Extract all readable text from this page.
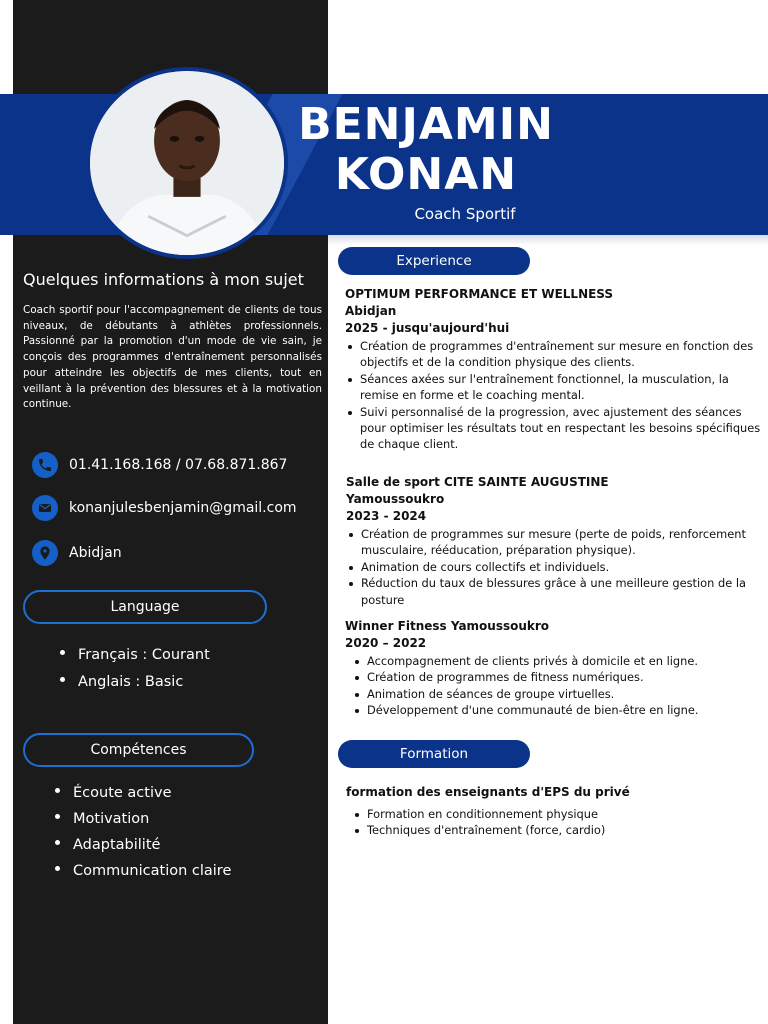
BENJAMIN
KONAN
Coach Sportif
Quelques informations à mon sujet
Coach sportif pour l'accompagnement de clients de tous niveaux, de débutants à athlètes professionnels. Passionné par la promotion d'un mode de vie sain, je conçois des programmes d'entraînement personnalisés pour atteindre les objectifs de mes clients, tout en veillant à la prévention des blessures et à la motivation continue.
01.41.168.168 / 07.68.871.867
konanjulesbenjamin@gmail.com
Abidjan
Language
Français : Courant
Anglais : Basic
Compétences
Écoute active
Motivation
Adaptabilité
Communication claire
Experience
OPTIMUM PERFORMANCE ET WELLNESS
Abidjan
2025 - jusqu'aujourd'hui
Création de programmes d'entraînement sur mesure en fonction des objectifs et de la condition physique des clients.
Séances axées sur l'entraînement fonctionnel, la musculation, la remise en forme et le coaching mental.
Suivi personnalisé de la progression, avec ajustement des séances pour optimiser les résultats tout en respectant les besoins spécifiques de chaque client.
Salle de sport CITE SAINTE AUGUSTINE
Yamoussoukro
2023 - 2024
Création de programmes sur mesure (perte de poids, renforcement musculaire, rééducation, préparation physique).
Animation de cours collectifs et individuels.
Réduction du taux de blessures grâce à une meilleure gestion de la posture
Winner Fitness Yamoussoukro
2020 – 2022
Accompagnement de clients privés à domicile et en ligne.
Création de programmes de fitness numériques.
Animation de séances de groupe virtuelles.
Développement d'une communauté de bien-être en ligne.
Formation
formation des enseignants d'EPS du privé
Formation en conditionnement physique
Techniques d'entraînement (force, cardio)
